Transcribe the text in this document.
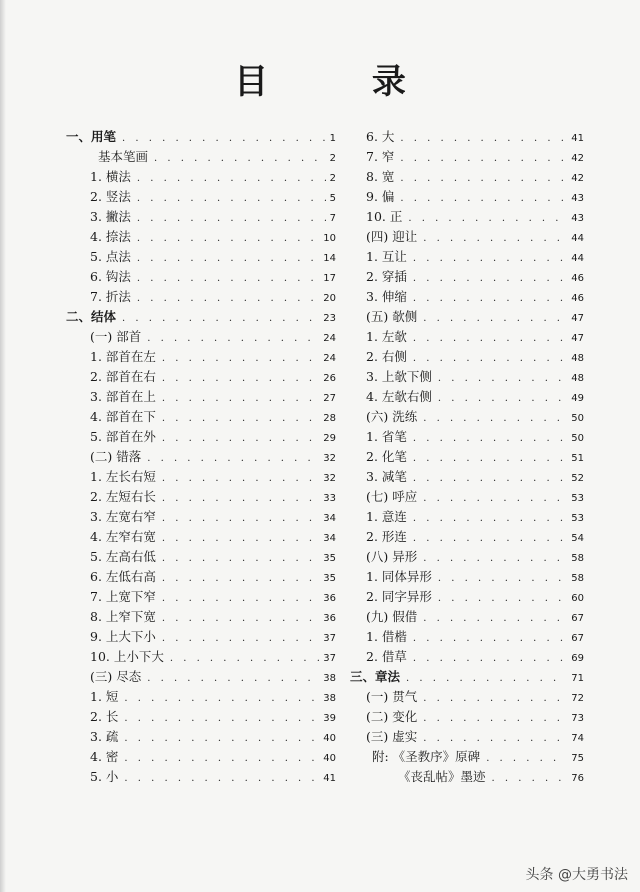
目 录
一、用笔 . . .	1
基本笔画 . . .	2
1. 横法 . . .	2
2. 竖法 . . .	5
3. 撇法 . . .	7
4. 捺法 . . .	10
5. 点法 . . .	14
6. 钩法 . . .	17
7. 折法 . . .	20
二、结体 . . .	23
(一) 部首 . . .	24
1. 部首在左 . . .	24
2. 部首在右 . . .	26
3. 部首在上 . . .	27
4. 部首在下 . . .	28
5. 部首在外 . . .	29
(二) 错落 . . .	32
1. 左长右短 . . .	32
2. 左短右长 . . .	33
3. 左宽右窄 . . .	34
4. 左窄右宽 . . .	34
5. 左高右低 . . .	35
6. 左低右高 . . .	35
7. 上宽下窄 . . .	36
8. 上窄下宽 . . .	36
9. 上大下小 . . .	37
10. 上小下大 . . .	37
(三) 尽态 . . .	38
1. 短 . . .	38
2. 长 . . .	39
3. 疏 . . .	40
4. 密 . . .	40
5. 小 . . .	41
6. 大 . . .	41
7. 窄 . . .	42
8. 宽 . . .	42
9. 偏 . . .	43
10. 正 . . .	43
(四) 迎让 . . .	44
1. 互让 . . .	44
2. 穿插 . . .	46
3. 伸缩 . . .	46
(五) 欹侧 . . .	47
1. 左欹 . . .	47
2. 右侧 . . .	48
3. 上欹下侧 . . .	48
4. 左欹右侧 . . .	49
(六) 洗练 . . .	50
1. 省笔 . . .	50
2. 化笔 . . .	51
3. 减笔 . . .	52
(七) 呼应 . . .	53
1. 意连 . . .	53
2. 形连 . . .	54
(八) 异形 . . .	58
1. 同体异形 . . .	58
2. 同字异形 . . .	60
(九) 假借 . . .	67
1. 借楷 . . .	67
2. 借草 . . .	69
三、章法 . . .	71
(一) 贯气 . . .	72
(二) 变化 . . .	73
(三) 虚实 . . .	74
附: 《圣教序》原碑 . . .	75
《丧乱帖》墨迹 . . .	76
头条 @大勇书法
